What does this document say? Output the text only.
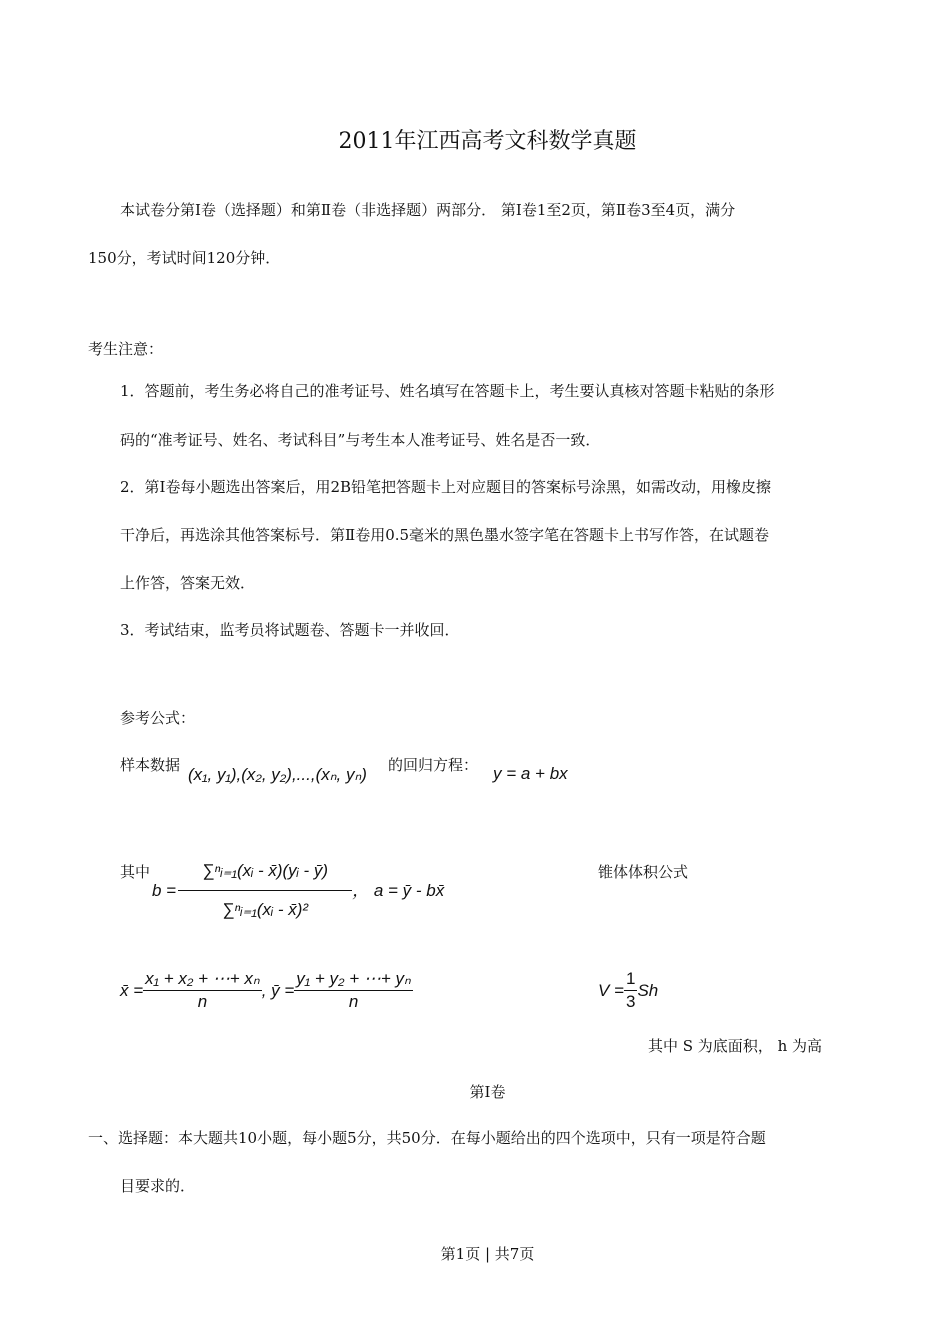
2011年江西高考文科数学真题
本试卷分第Ⅰ卷（选择题）和第Ⅱ卷（非选择题）两部分． 第Ⅰ卷1至2页，第Ⅱ卷3至4页，满分
150分，考试时间120分钟．
考生注意：
1．答题前，考生务必将自己的准考证号、姓名填写在答题卡上，考生要认真核对答题卡粘贴的条形
码的“准考证号、姓名、考试科目”与考生本人准考证号、姓名是否一致．
2．第Ⅰ卷每小题选出答案后，用2B铅笔把答题卡上对应题目的答案标号涂黑，如需改动，用橡皮擦
干净后，再选涂其他答案标号．第Ⅱ卷用0.5毫米的黑色墨水签字笔在答题卡上书写作答，在试题卷
上作答，答案无效．
3．考试结束，监考员将试题卷、答题卡一并收回．
参考公式：
样本数据 (x₁, y₁),(x₂, y₂),...,(xₙ, yₙ) 的回归方程： y = a + bx
其中
$b = \frac{\text{∑ⁿᵢ₌₁(xᵢ - x̄)(yᵢ - ȳ)}}{\text{∑ⁿᵢ₌₁(xᵢ - x̄)²}}$ ， a = ȳ - bx̄
锥体体积公式
x̄ = $\frac{\text{x₁ + x₂ + ⋯+ xₙ}}{n}$ , ȳ = $\frac{\text{y₁ + y₂ + ⋯+ yₙ}}{n}$	$V = \frac{1}{3}$ Sh
其中 S 为底面积， h 为高
第Ⅰ卷
一、选择题：本大题共10小题，每小题5分，共50分．在每小题给出的四个选项中，只有一项是符合题
目要求的．
第1页 | 共7页
